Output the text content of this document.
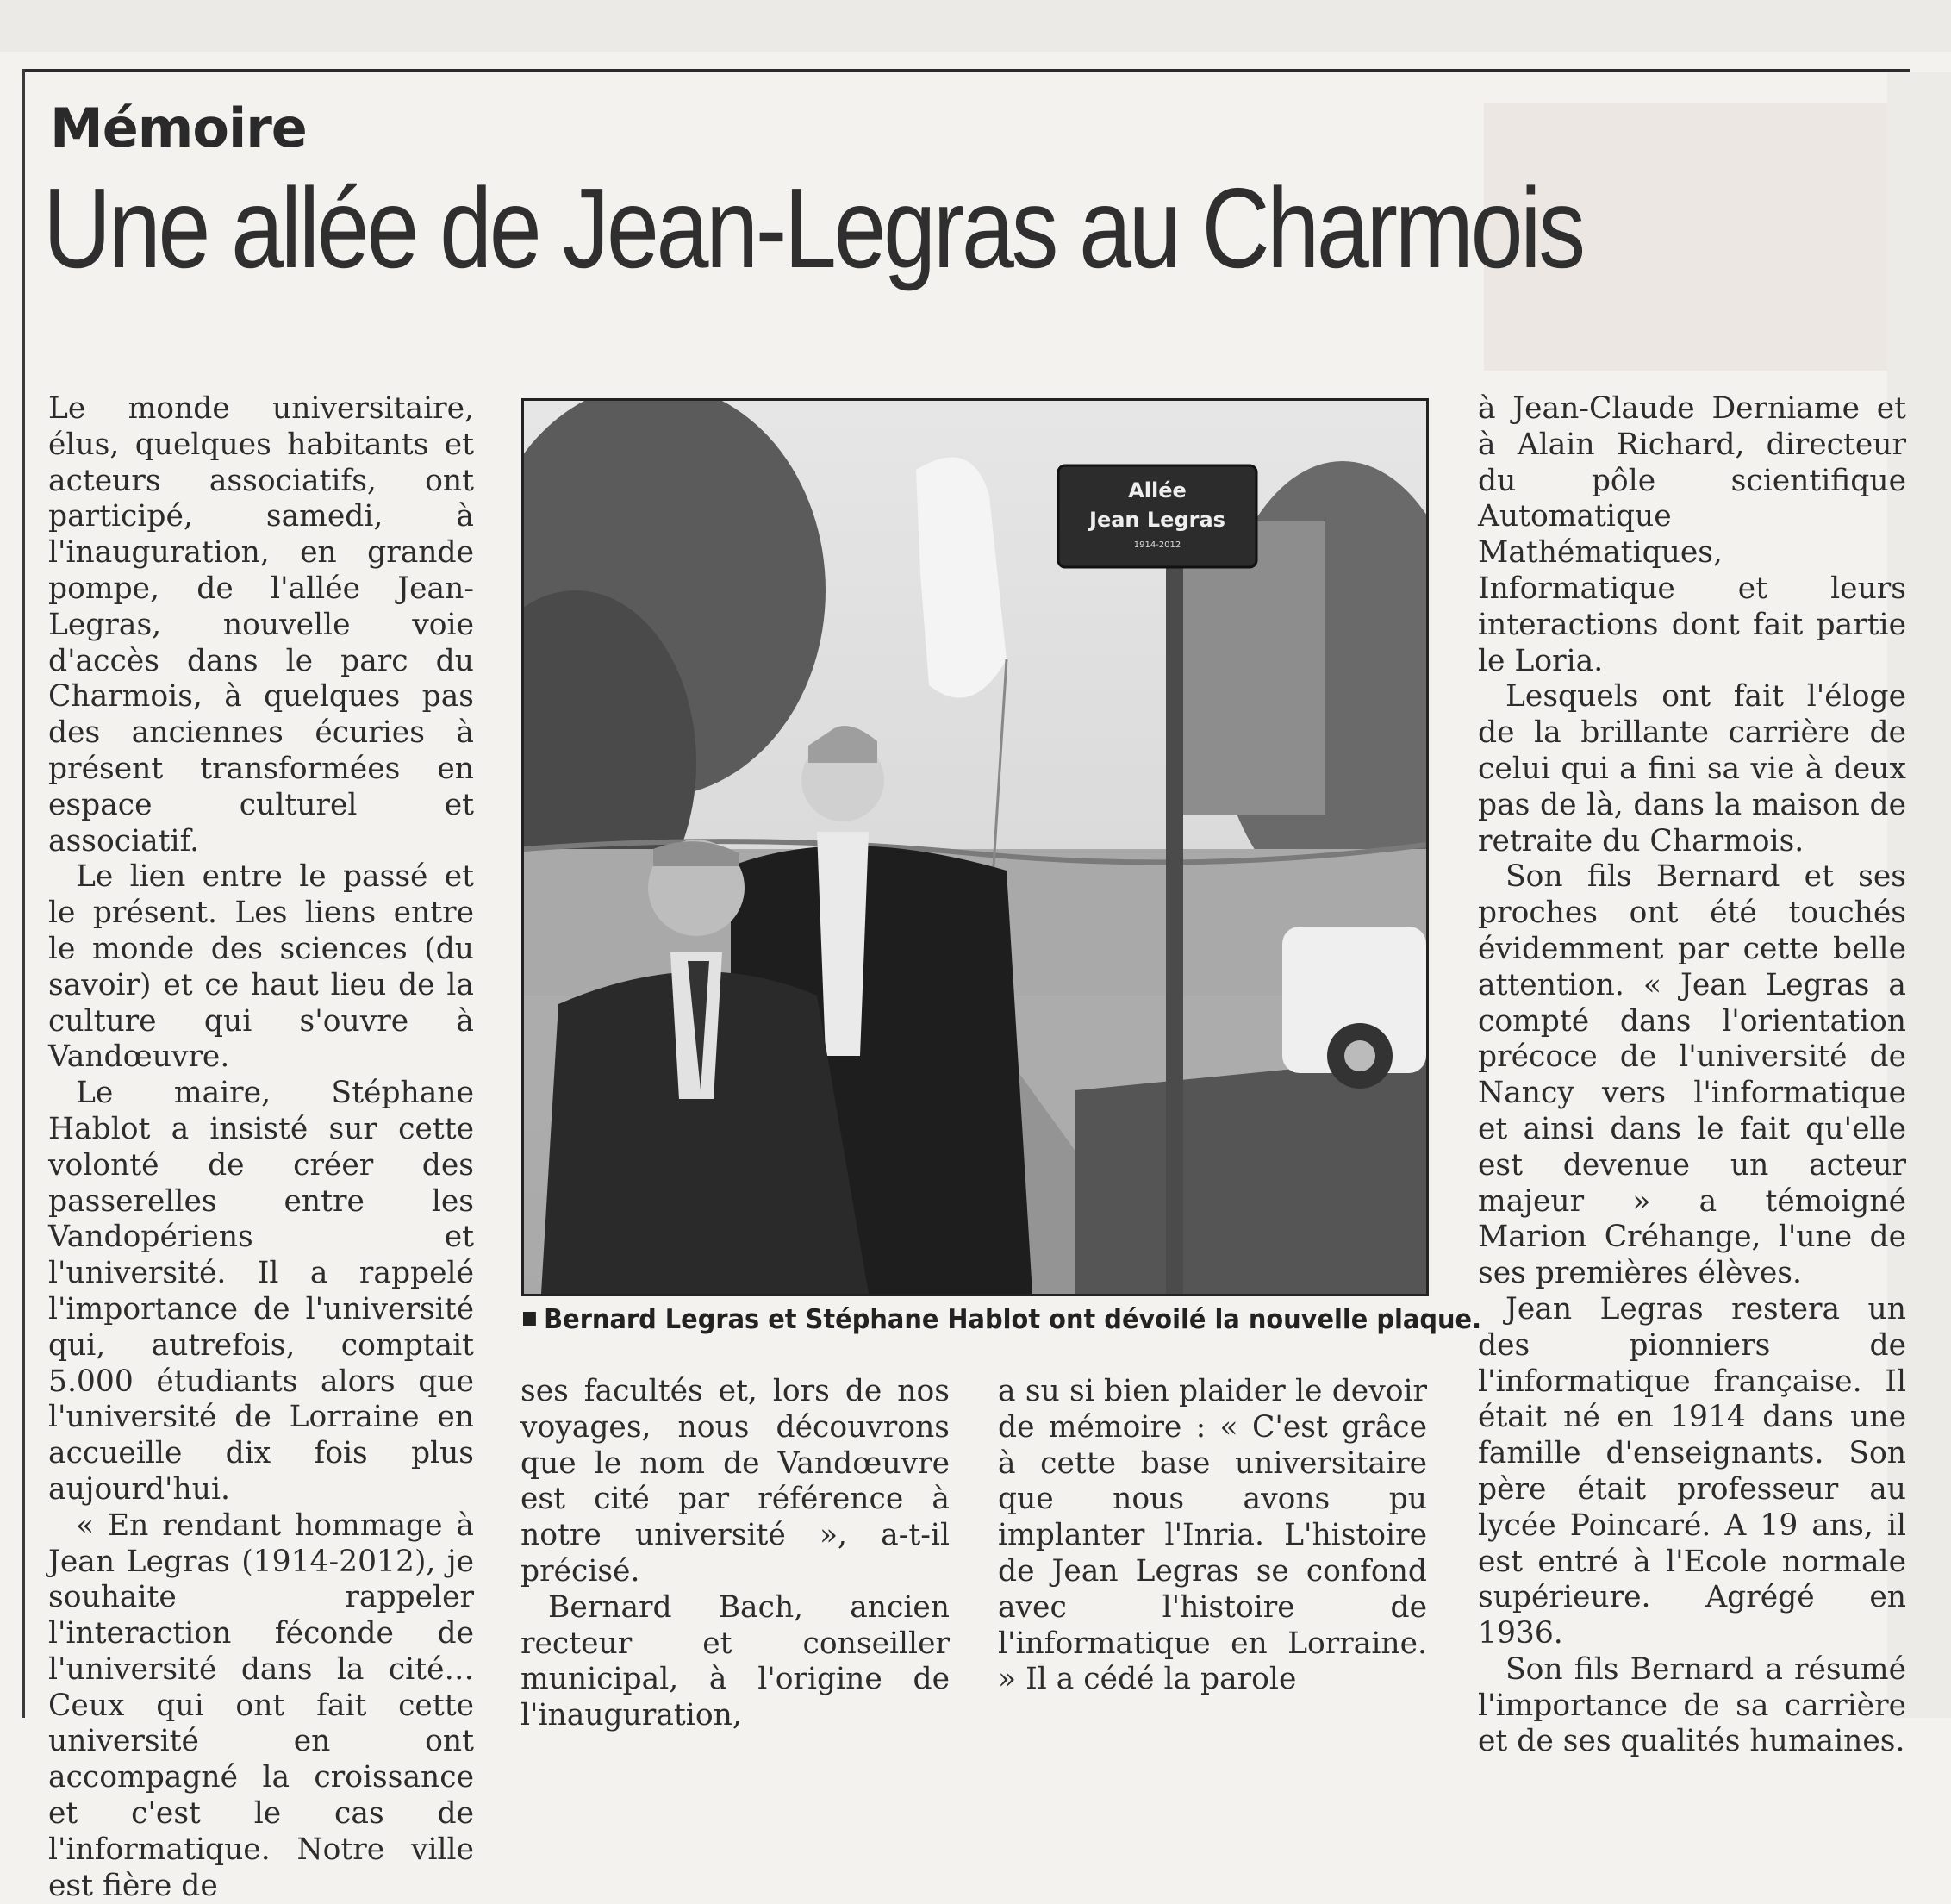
Mémoire
Une allée de Jean-Legras au Charmois

Le monde universitaire, élus, quelques habitants et acteurs associatifs, ont participé, samedi, à l'inauguration, en grande pompe, de l'allée Jean-Legras, nouvelle voie d'accès dans le parc du Charmois, à quelques pas des anciennes écuries à présent transformées en espace culturel et associatif.

Le lien entre le passé et le présent. Les liens entre le monde des sciences (du savoir) et ce haut lieu de la culture qui s'ouvre à Vandœuvre.

Le maire, Stéphane Hablot a insisté sur cette volonté de créer des passerelles entre les Vandopériens et l'université. Il a rappelé l'importance de l'université qui, autrefois, comptait 5.000 étudiants alors que l'université de Lorraine en accueille dix fois plus aujourd'hui.

« En rendant hommage à Jean Legras (1914-2012), je souhaite rappeler l'interaction féconde de l'université dans la cité… Ceux qui ont fait cette université en ont accompagné la croissance et c'est le cas de l'informatique. Notre ville est fière de

Allée
Jean Legras
1914-2012
Bernard Legras et Stéphane Hablot ont dévoilé la nouvelle plaque.

ses facultés et, lors de nos voyages, nous découvrons que le nom de Vandœuvre est cité par référence à notre université », a-t-il précisé.

Bernard Bach, ancien recteur et conseiller municipal, à l'origine de l'inauguration,

a su si bien plaider le devoir de mémoire : « C'est grâce à cette base universitaire que nous avons pu implanter l'Inria. L'histoire de Jean Legras se confond avec l'histoire de l'informatique en Lorraine. » Il a cédé la parole

à Jean-Claude Derniame et à Alain Richard, directeur du pôle scientifique Automatique Mathématiques, Informatique et leurs interactions dont fait partie le Loria.

Lesquels ont fait l'éloge de la brillante carrière de celui qui a fini sa vie à deux pas de là, dans la maison de retraite du Charmois.

Son fils Bernard et ses proches ont été touchés évidemment par cette belle attention. « Jean Legras a compté dans l'orientation précoce de l'université de Nancy vers l'informatique et ainsi dans le fait qu'elle est devenue un acteur majeur » a témoigné Marion Créhange, l'une de ses premières élèves.

Jean Legras restera un des pionniers de l'informatique française. Il était né en 1914 dans une famille d'enseignants. Son père était professeur au lycée Poincaré. A 19 ans, il est entré à l'Ecole normale supérieure. Agrégé en 1936.

Son fils Bernard a résumé l'importance de sa carrière et de ses qualités humaines.
